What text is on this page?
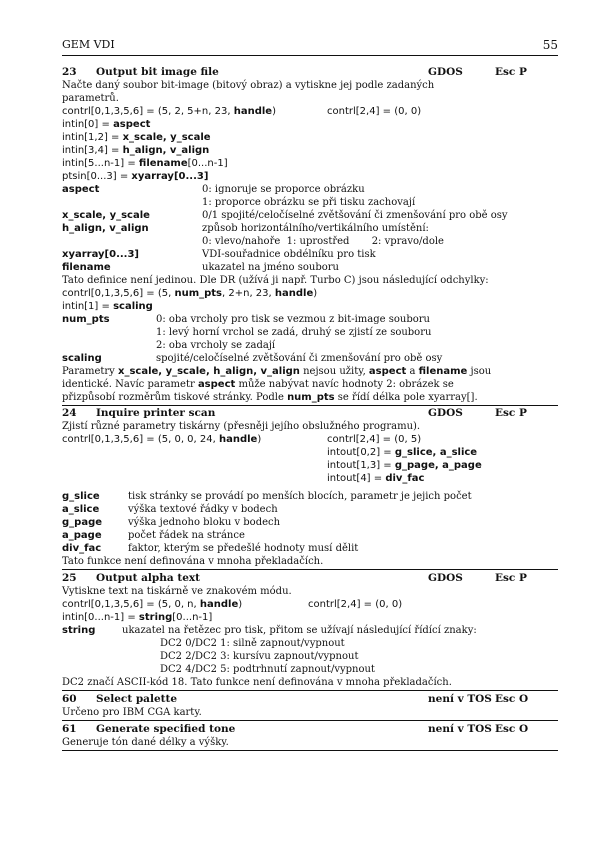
GEM VDI	55
23 Output bit image file	GDOS	Esc P
Načte daný soubor bit-image (bitový obraz) a vytiskne jej podle zadaných
parametrů.
contrl[0,1,3,5,6] = (5, 2, 5+n, 23, handle)	contrl[2,4] = (0, 0)
intin[0] = aspect
intin[1,2] = x_scale, y_scale
intin[3,4] = h_align, v_align
intin[5...n-1] = filename[0...n-1]
ptsin[0...3] = xyarray[0...3]
aspect	0: ignoruje se proporce obrázku
1: proporce obrázku se při tisku zachovají
x_scale, y_scale	0/1 spojité/celočíselné zvětšování či zmenšování pro obě osy
h_align, v_align	způsob horizontálního/vertikálního umístění:
0: vlevo/nahoře  1: uprostřed       2: vpravo/dole
xyarray[0...3]	VDI-souřadnice obdélníku pro tisk
filename	ukazatel na jméno souboru
Tato definice není jedinou. Dle DR (užívá ji např. Turbo C) jsou následující odchylky:
contrl[0,1,3,5,6] = (5, num_pts, 2+n, 23, handle)
intin[1] = scaling
num_pts	0: oba vrcholy pro tisk se vezmou z bit-image souboru
1: levý horní vrchol se zadá, druhý se zjistí ze souboru
2: oba vrcholy se zadají
scaling	spojité/celočíselné zvětšování či zmenšování pro obě osy
Parametry x_scale, y_scale, h_align, v_align nejsou užity, aspect a filename jsou
identické. Navíc parametr aspect může nabývat navíc hodnoty 2: obrázek se
přizpůsobí rozměrům tiskové stránky. Podle num_pts se řídí délka pole xyarray[].
24 Inquire printer scan	GDOS	Esc P
Zjistí různé parametry tiskárny (přesněji jejího obslužného programu).
contrl[0,1,3,5,6] = (5, 0, 0, 24, handle)	contrl[2,4] = (0, 5)
intout[0,2] = g_slice, a_slice
intout[1,3] = g_page, a_page
intout[4] = div_fac
g_slice	tisk stránky se provádí po menších blocích, parametr je jejich počet
a_slice	výška textové řádky v bodech
g_page	výška jednoho bloku v bodech
a_page	počet řádek na stránce
div_fac	faktor, kterým se předešlé hodnoty musí dělit
Tato funkce není definována v mnoha překladačích.
25 Output alpha text	GDOS	Esc P
Vytiskne text na tiskárně ve znakovém módu.
contrl[0,1,3,5,6] = (5, 0, n, handle)	contrl[2,4] = (0, 0)
intin[0...n-1] = string[0...n-1]
string	ukazatel na řetězec pro tisk, přitom se užívají následující řídící znaky:
DC2 0/DC2 1: silně zapnout/vypnout
DC2 2/DC2 3: kursívu zapnout/vypnout
DC2 4/DC2 5: podtrhnutí zapnout/vypnout
DC2 značí ASCII-kód 18. Tato funkce není definována v mnoha překladačích.
60 Select palette	není v TOS Esc O
Určeno pro IBM CGA karty.
61 Generate specified tone	není v TOS Esc O
Generuje tón dané délky a výšky.
